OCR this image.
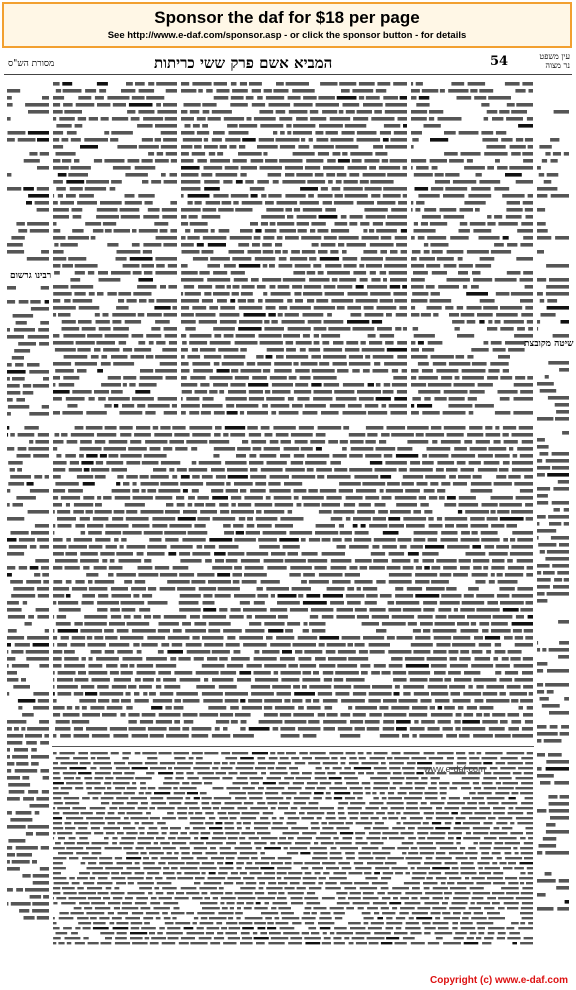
Sponsor the daf for $18 per page
See http://www.e-daf.com/sponsor.asp - or click the sponsor button - for details
מסורת הש"ס	המביא אשם פרק ששי כריתות	54	עין משפט נר מצוה
רבינו גרשום
שיטה מקובצת
www.e-daf.com
Copyright (c) www.e-daf.com
